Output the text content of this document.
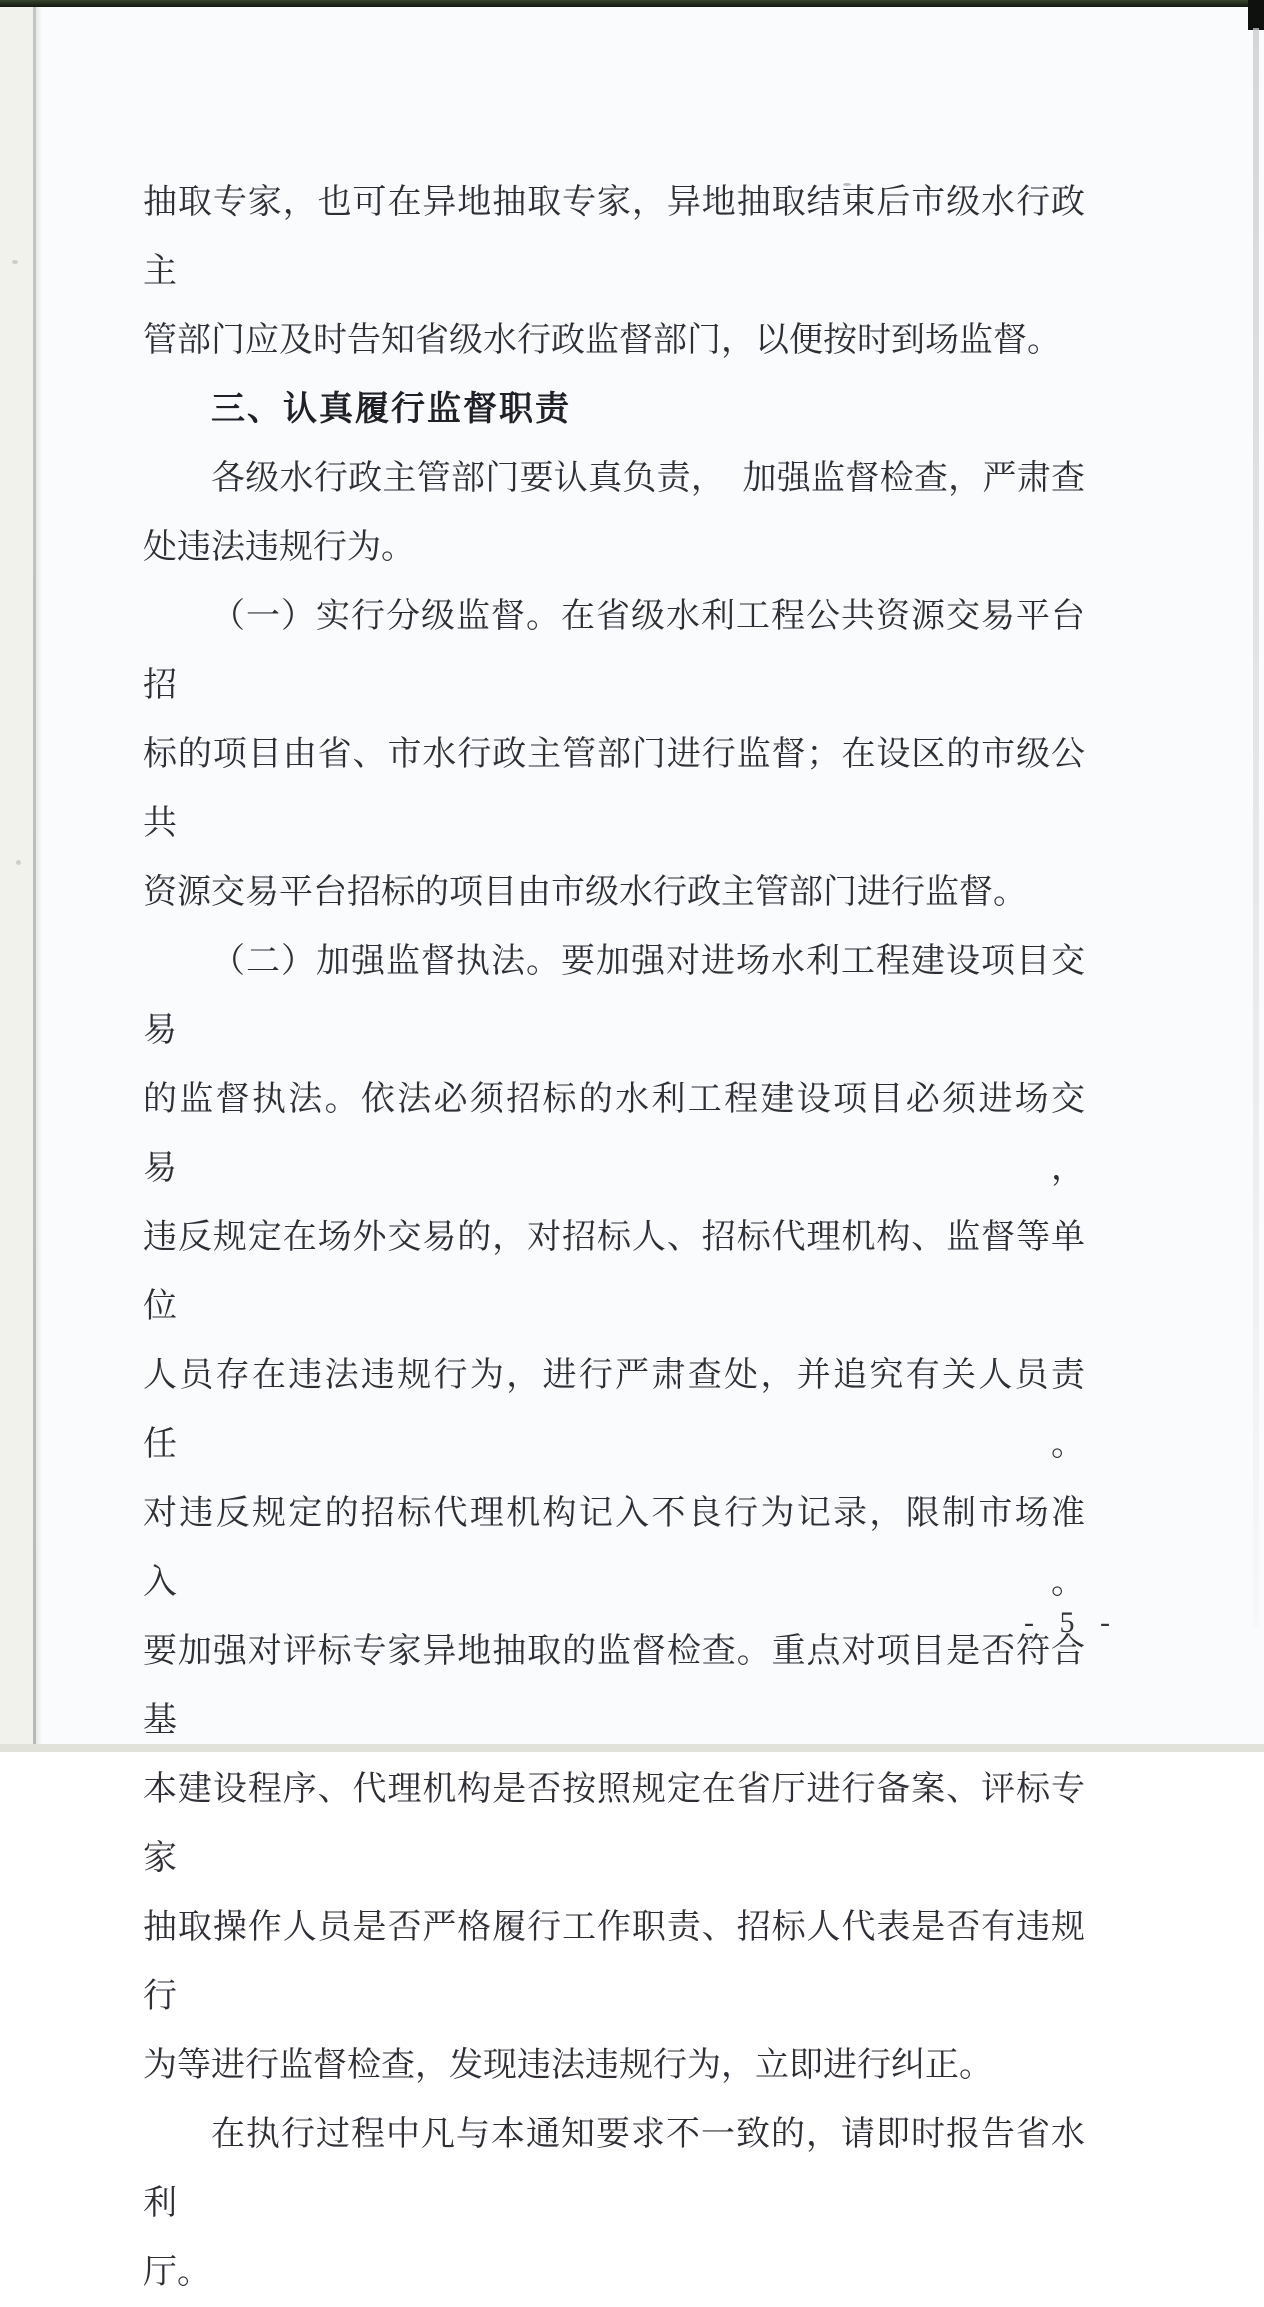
抽取专家，也可在异地抽取专家，异地抽取结束后市级水行政主
管部门应及时告知省级水行政监督部门，以便按时到场监督。
三、认真履行监督职责
各级水行政主管部门要认真负责，　加强监督检查，严肃查
处违法违规行为。
（一）实行分级监督。在省级水利工程公共资源交易平台招
标的项目由省、市水行政主管部门进行监督；在设区的市级公共
资源交易平台招标的项目由市级水行政主管部门进行监督。
（二）加强监督执法。要加强对进场水利工程建设项目交易
的监督执法。依法必须招标的水利工程建设项目必须进场交易，
违反规定在场外交易的，对招标人、招标代理机构、监督等单位
人员存在违法违规行为，进行严肃查处，并追究有关人员责任。
对违反规定的招标代理机构记入不良行为记录，限制市场准入。
要加强对评标专家异地抽取的监督检查。重点对项目是否符合基
本建设程序、代理机构是否按照规定在省厅进行备案、评标专家
抽取操作人员是否严格履行工作职责、招标人代表是否有违规行
为等进行监督检查，发现违法违规行为，立即进行纠正。
在执行过程中凡与本通知要求不一致的，请即时报告省水利
厅。
- 5 -
